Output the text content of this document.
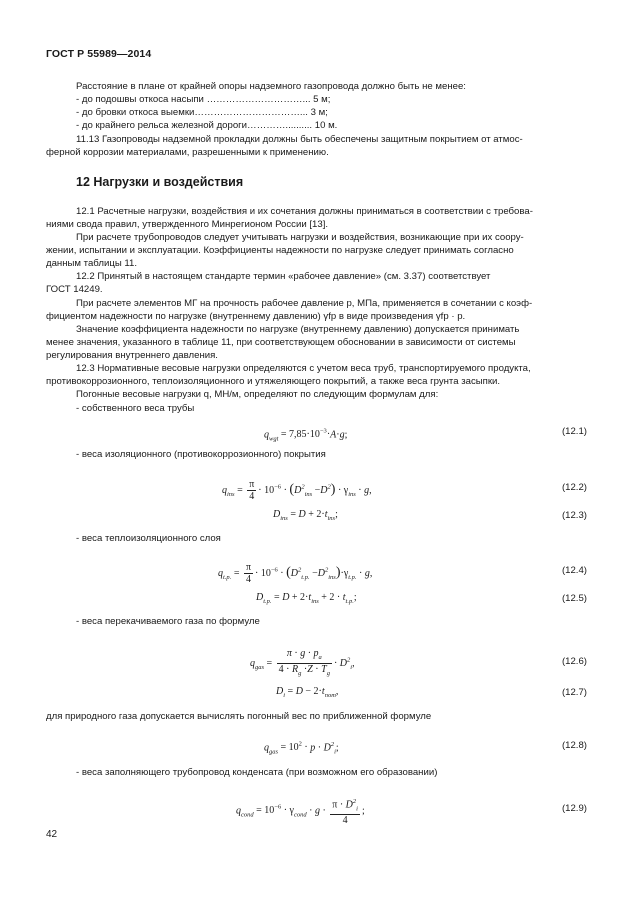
ГОСТ Р 55989—2014
Расстояние в плане от крайней опоры надземного газопровода должно быть не менее:
- до подошвы откоса насыпи …………………………... 5 м;
- до бровки откоса выемки……………………………... 3 м;
- до крайнего рельса железной дороги………….......... 10 м.
11.13 Газопроводы надземной прокладки должны быть обеспечены защитным покрытием от атмос-
ферной коррозии материалами, разрешенными к применению.
12 Нагрузки и воздействия
12.1 Расчетные нагрузки, воздействия и их сочетания должны приниматься в соответствии с требова-
ниями свода правил, утвержденного Минрегионом России [13].
При расчете трубопроводов следует учитывать нагрузки и воздействия, возникающие при их соору-
жении, испытании и эксплуатации. Коэффициенты надежности по нагрузке следует принимать согласно
данным таблицы 11.
12.2 Принятый в настоящем стандарте термин «рабочее давление» (см. 3.37) соответствует
ГОСТ 14249.
При расчете элементов МГ на прочность рабочее давление p, МПа, применяется в сочетании с коэф-
фициентом надежности по нагрузке (внутреннему давлению) γfp в виде произведения γfp · p.
Значение коэффициента надежности по нагрузке (внутреннему давлению) допускается принимать
менее значения, указанного в таблице 11, при соответствующем обосновании в зависимости от системы
регулирования внутреннего давления.
12.3 Нормативные весовые нагрузки определяются с учетом веса труб, транспортируемого продукта,
противокоррозионного, теплоизоляционного и утяжеляющего покрытий, а также веса грунта засыпки.
Погонные весовые нагрузки q, МН/м, определяют по следующим формулам для:
- собственного веса трубы
$q_{wgt} = 7,85\cdot 10^{-3}\cdot A\cdot g$;	(12.1)
- веса изоляционного (противокоррозионного) покрытия
$q_{ins} = \frac{\pi}{4} \cdot 10^{-6} \cdot (D^2_{ins} -D^2) \cdot \gamma_{ins} \cdot g$,	(12.2)
$D_{ins} = D + 2\cdot t_{ins}$;	(12.3)
- веса теплоизоляционного слоя
$q_{t.p.} = \frac{\pi}{4} \cdot 10^{-6} \cdot (D^2_{t.p.} -D^2_{ins})\cdot\gamma_{t.p.} \cdot g$,	(12.4)
$D_{t.p.} = D + 2\cdot t_{ins} + 2 \cdot t_{t.p.}$;	(12.5)
- веса перекачиваемого газа по формуле
$q_{gas} = \frac{\pi \cdot g \cdot p_a}{4 \cdot R_g \cdot Z \cdot T_g} \cdot D^2_i$,	(12.6)
$D_i = D - 2\cdot t_{nom}$,	(12.7)
для природного газа допускается вычислять погонный вес по приближенной формуле
$q_{gas} = 10^2 \cdot p \cdot D^2_i$;	(12.8)
- веса заполняющего трубопровод конденсата (при возможном его образовании)
$q_{cond} = 10^{-6} \cdot \gamma_{cond} \cdot g \cdot \frac{\pi \cdot D^2_i}{4}$ ;	(12.9)
42
